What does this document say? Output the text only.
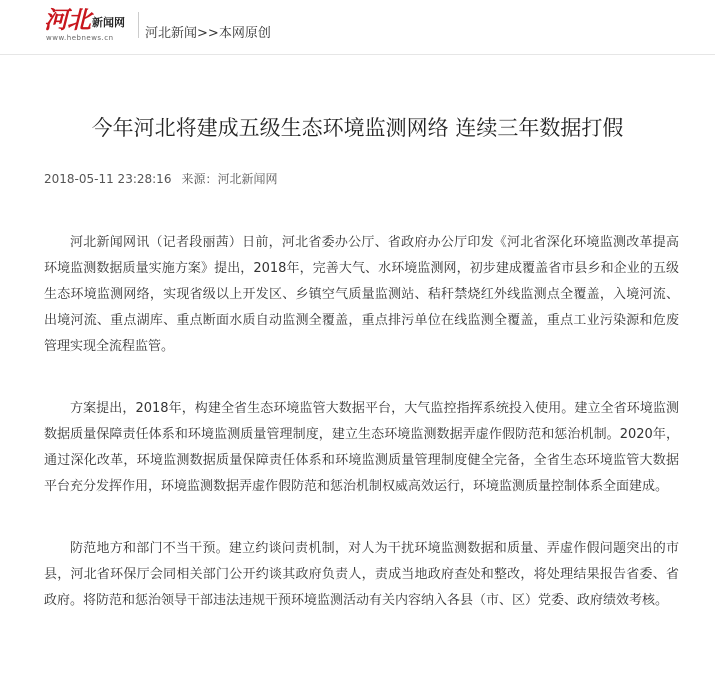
河北 新闻网
www.hebnews.cn 河北新闻>>本网原创
今年河北将建成五级生态环境监测网络 连续三年数据打假
2018-05-11 23:28:16 来源：河北新闻网

河北新闻网讯（记者段丽茜）日前，河北省委办公厅、省政府办公厅印发《河北省深化环境监测改革提高环境监测数据质量实施方案》提出，2018年，完善大气、水环境监测网，初步建成覆盖省市县乡和企业的五级生态环境监测网络，实现省级以上开发区、乡镇空气质量监测站、秸秆禁烧红外线监测点全覆盖，入境河流、出境河流、重点湖库、重点断面水质自动监测全覆盖，重点排污单位在线监测全覆盖，重点工业污染源和危废管理实现全流程监管。

方案提出，2018年，构建全省生态环境监管大数据平台，大气监控指挥系统投入使用。建立全省环境监测数据质量保障责任体系和环境监测质量管理制度，建立生态环境监测数据弄虚作假防范和惩治机制。2020年，通过深化改革，环境监测数据质量保障责任体系和环境监测质量管理制度健全完备，全省生态环境监管大数据平台充分发挥作用，环境监测数据弄虚作假防范和惩治机制权威高效运行，环境监测质量控制体系全面建成。

防范地方和部门不当干预。建立约谈问责机制，对人为干扰环境监测数据和质量、弄虚作假问题突出的市县，河北省环保厅会同相关部门公开约谈其政府负责人，责成当地政府查处和整改，将处理结果报告省委、省政府。将防范和惩治领导干部违法违规干预环境监测活动有关内容纳入各县（市、区）党委、政府绩效考核。
